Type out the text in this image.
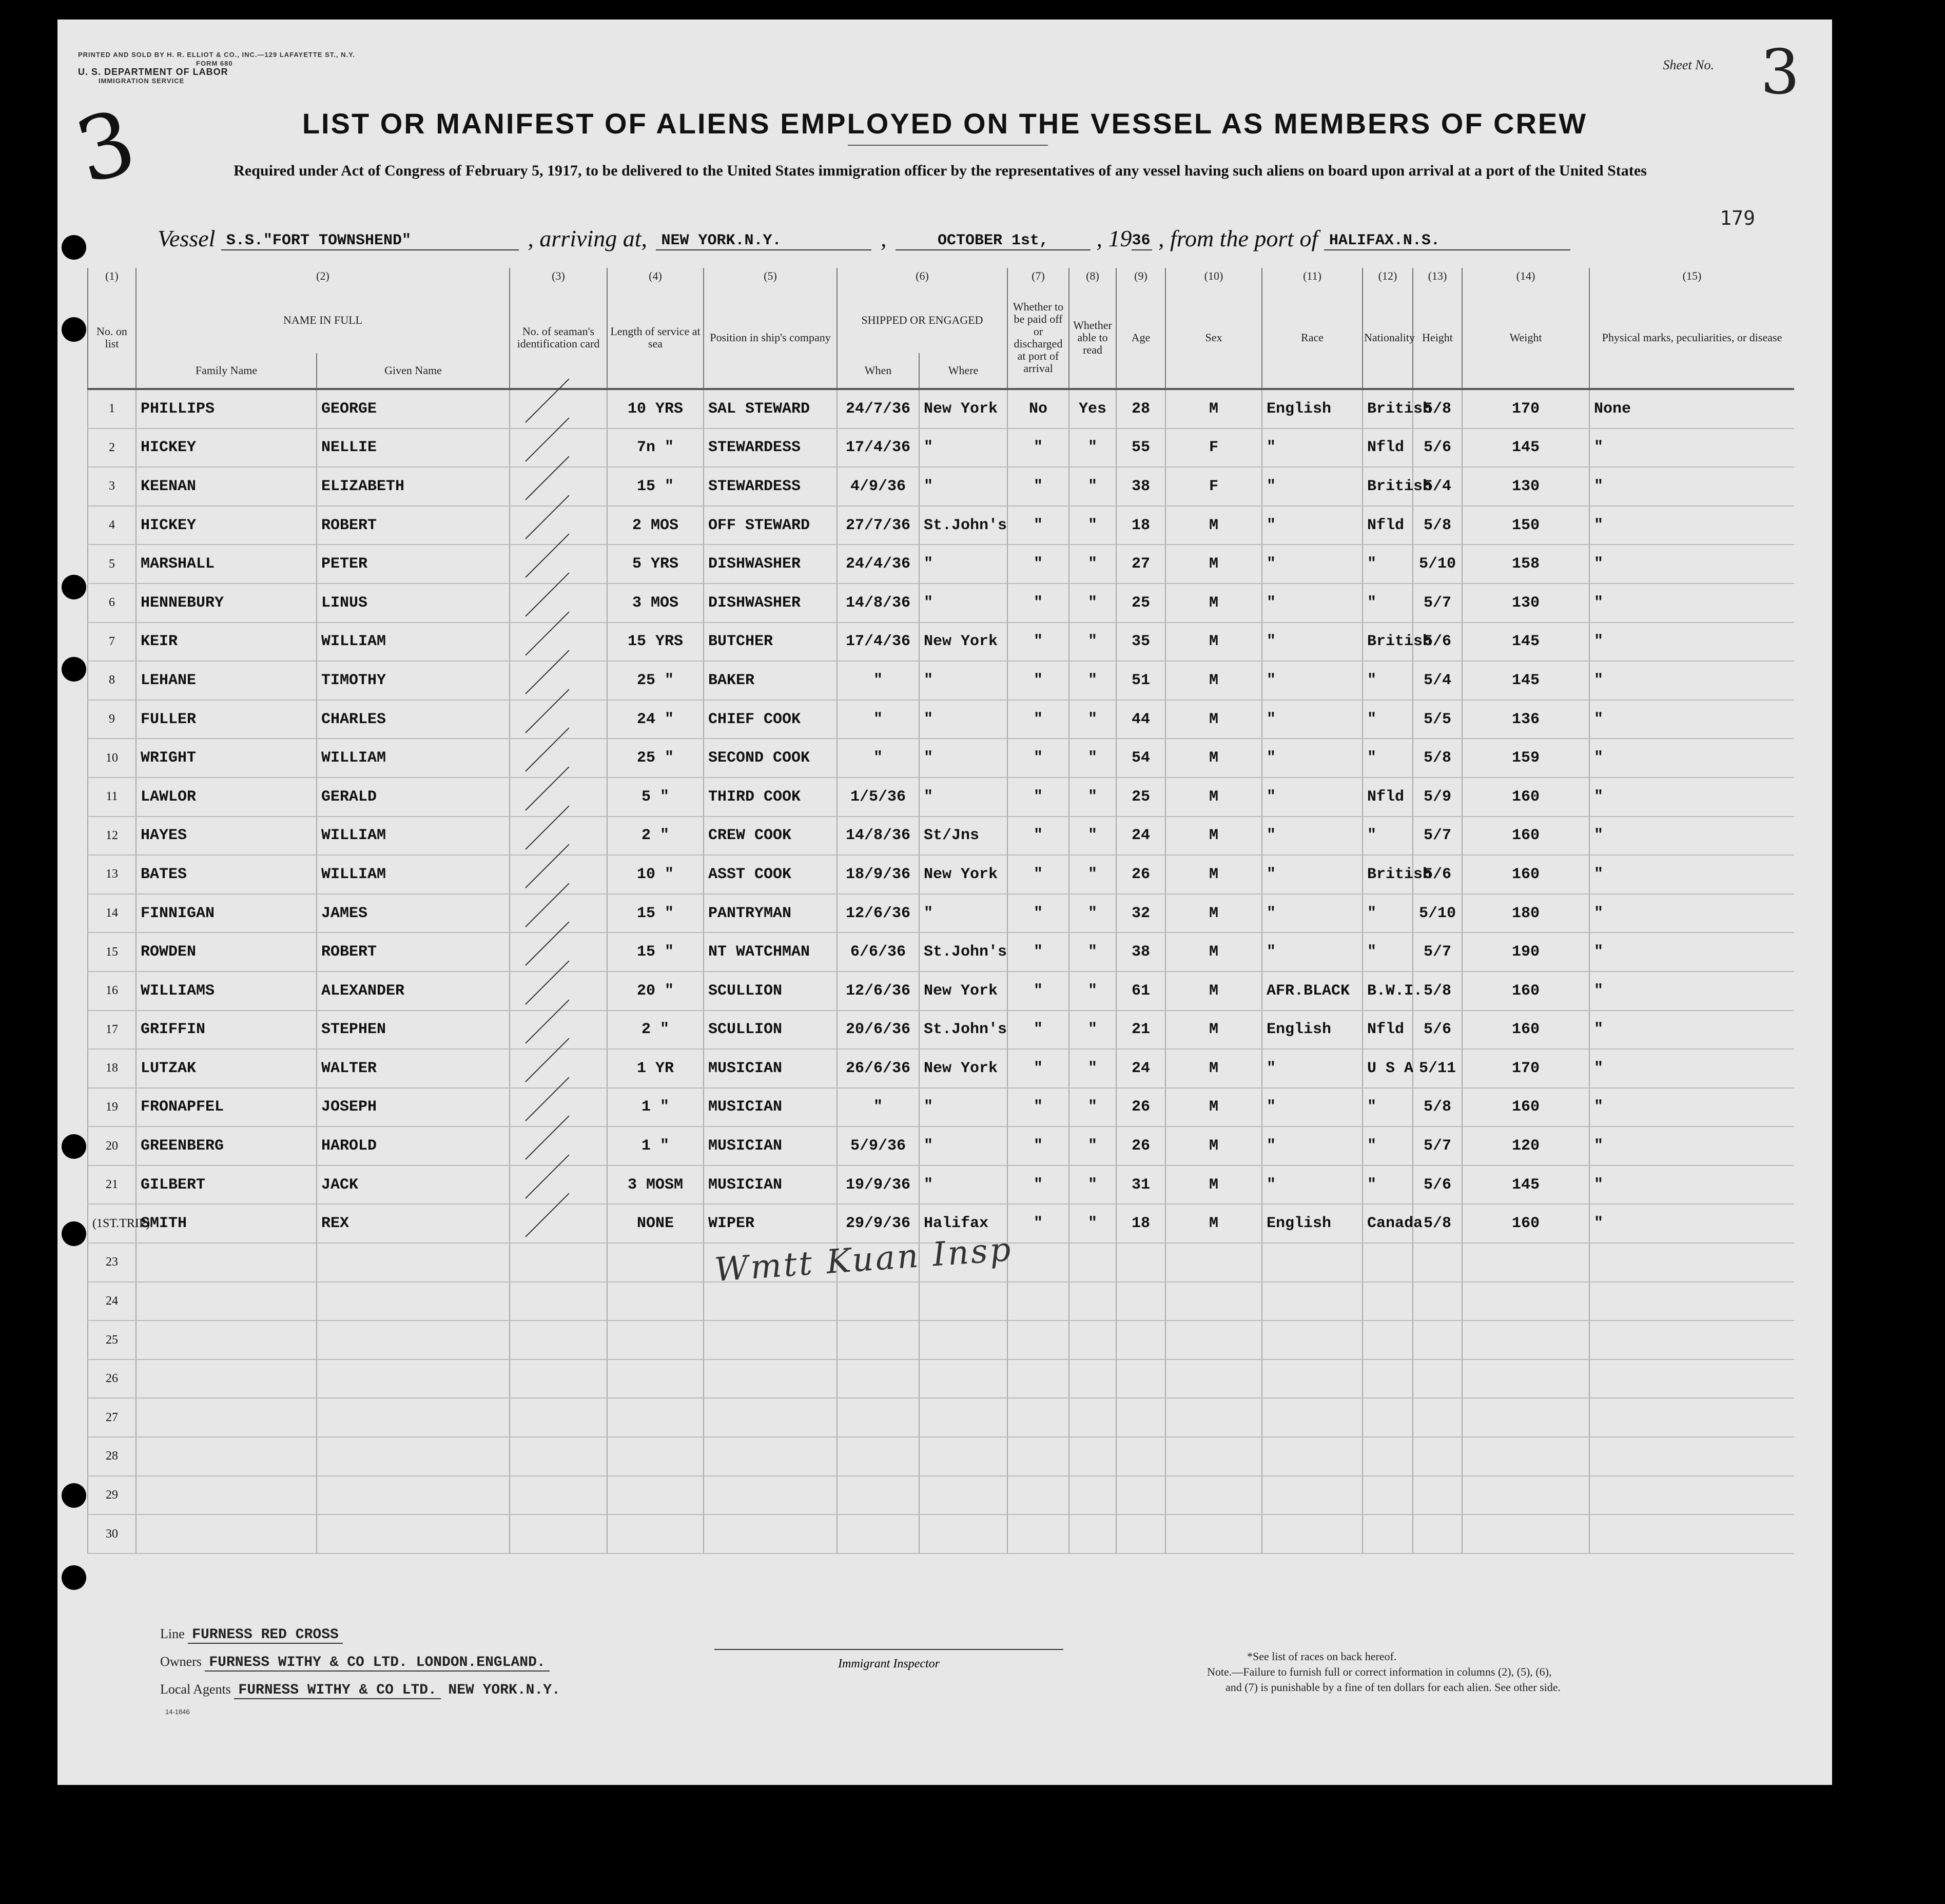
PRINTED AND SOLD BY H. R. ELLIOT & CO., INC.—129 LAFAYETTE ST., N.Y.
FORM 680
U. S. DEPARTMENT OF LABOR
IMMIGRATION SERVICE
3
Sheet No. 3
LIST OR MANIFEST OF ALIENS EMPLOYED ON THE VESSEL AS MEMBERS OF CREW
Required under Act of Congress of February 5, 1917, to be delivered to the United States immigration officer by the representatives of any vessel having such aliens on board upon arrival at a port of the United States
179
Vessel S.S."FORT TOWNSHEND"	, arriving at, NEW YORK.N.Y.	,	OCTOBER 1st, , 1936 , from the port of HALIFAX.N.S.
(1)	(2)		(3)	(4)	(5)	(6)		(7)	(8)	(9)	(10)	(11)	(12)	(13)	(14)	(15)
No. on list	NAME IN FULL		No. of seaman's identification card	Length of service at sea	Position in ship's company	SHIPPED OR ENGAGED		Whether to be paid off or discharged at port of arrival	Whether able to read	Age	Sex	Race	Nationality	Height	Weight	Physical marks, peculiarities, or disease
	Family Name	Given Name				When	Where									
1	PHILLIPS	GEORGE		10 YRS	SAL STEWARD	24/7/36	New York	No	Yes	28	M	English	British	5/8	170	None
2	HICKEY	NELLIE		7n "	STEWARDESS	17/4/36	"	"	"	55	F	"	Nfld	5/6	145	"
3	KEENAN	ELIZABETH		15 "	STEWARDESS	4/9/36	"	"	"	38	F	"	British	5/4	130	"
4	HICKEY	ROBERT		2 MOS	OFF STEWARD	27/7/36	St.John's	"	"	18	M	"	Nfld	5/8	150	"
5	MARSHALL	PETER		5 YRS	DISHWASHER	24/4/36	"	"	"	27	M	"	"	5/10	158	"
6	HENNEBURY	LINUS		3 MOS	DISHWASHER	14/8/36	"	"	"	25	M	"	"	5/7	130	"
7	KEIR	WILLIAM		15 YRS	BUTCHER	17/4/36	New York	"	"	35	M	"	British	5/6	145	"
8	LEHANE	TIMOTHY		25 "	BAKER	"	"	"	"	51	M	"	"	5/4	145	"
9	FULLER	CHARLES		24 "	CHIEF COOK	"	"	"	"	44	M	"	"	5/5	136	"
10	WRIGHT	WILLIAM		25 "	SECOND COOK	"	"	"	"	54	M	"	"	5/8	159	"
11	LAWLOR	GERALD		5 "	THIRD COOK	1/5/36	"	"	"	25	M	"	Nfld	5/9	160	"
12	HAYES	WILLIAM		2 "	CREW COOK	14/8/36	St/Jns	"	"	24	M	"	"	5/7	160	"
13	BATES	WILLIAM		10 "	ASST COOK	18/9/36	New York	"	"	26	M	"	British	5/6	160	"
14	FINNIGAN	JAMES		15 "	PANTRYMAN	12/6/36	"	"	"	32	M	"	"	5/10	180	"
15	ROWDEN	ROBERT		15 "	NT WATCHMAN	6/6/36	St.John's	"	"	38	M	"	"	5/7	190	"
16	WILLIAMS	ALEXANDER		20 "	SCULLION	12/6/36	New York	"	"	61	M	AFR.BLACK	B.W.I.	5/8	160	"
17	GRIFFIN	STEPHEN		2 "	SCULLION	20/6/36	St.John's	"	"	21	M	English	Nfld	5/6	160	"
18	LUTZAK	WALTER		1 YR	MUSICIAN	26/6/36	New York	"	"	24	M	"	U S A	5/11	170	"
19	FRONAPFEL	JOSEPH		1 "	MUSICIAN	"	"	"	"	26	M	"	"	5/8	160	"
20	GREENBERG	HAROLD		1 "	MUSICIAN	5/9/36	"	"	"	26	M	"	"	5/7	120	"
21	GILBERT	JACK		3 MOSM	MUSICIAN	19/9/36	"	"	"	31	M	"	"	5/6	145	"
(1ST.TRIP)	SMITH	REX		NONE	WIPER	29/9/36	Halifax	"	"	18	M	English	Canada	5/8	160	"
23																
24																
25																
26																
27																
28																
29																
30																
Wmtt Kuan Insp
Line FURNESS RED CROSS
Owners FURNESS WITHY & CO LTD. LONDON.ENGLAND.
Local Agents FURNESS WITHY & CO LTD. NEW YORK.N.Y.
Immigrant Inspector
*See list of races on back hereof.
Note.—Failure to furnish full or correct information in columns (2), (5), (6),
and (7) is punishable by a fine of ten dollars for each alien. See other side.
14-1846
